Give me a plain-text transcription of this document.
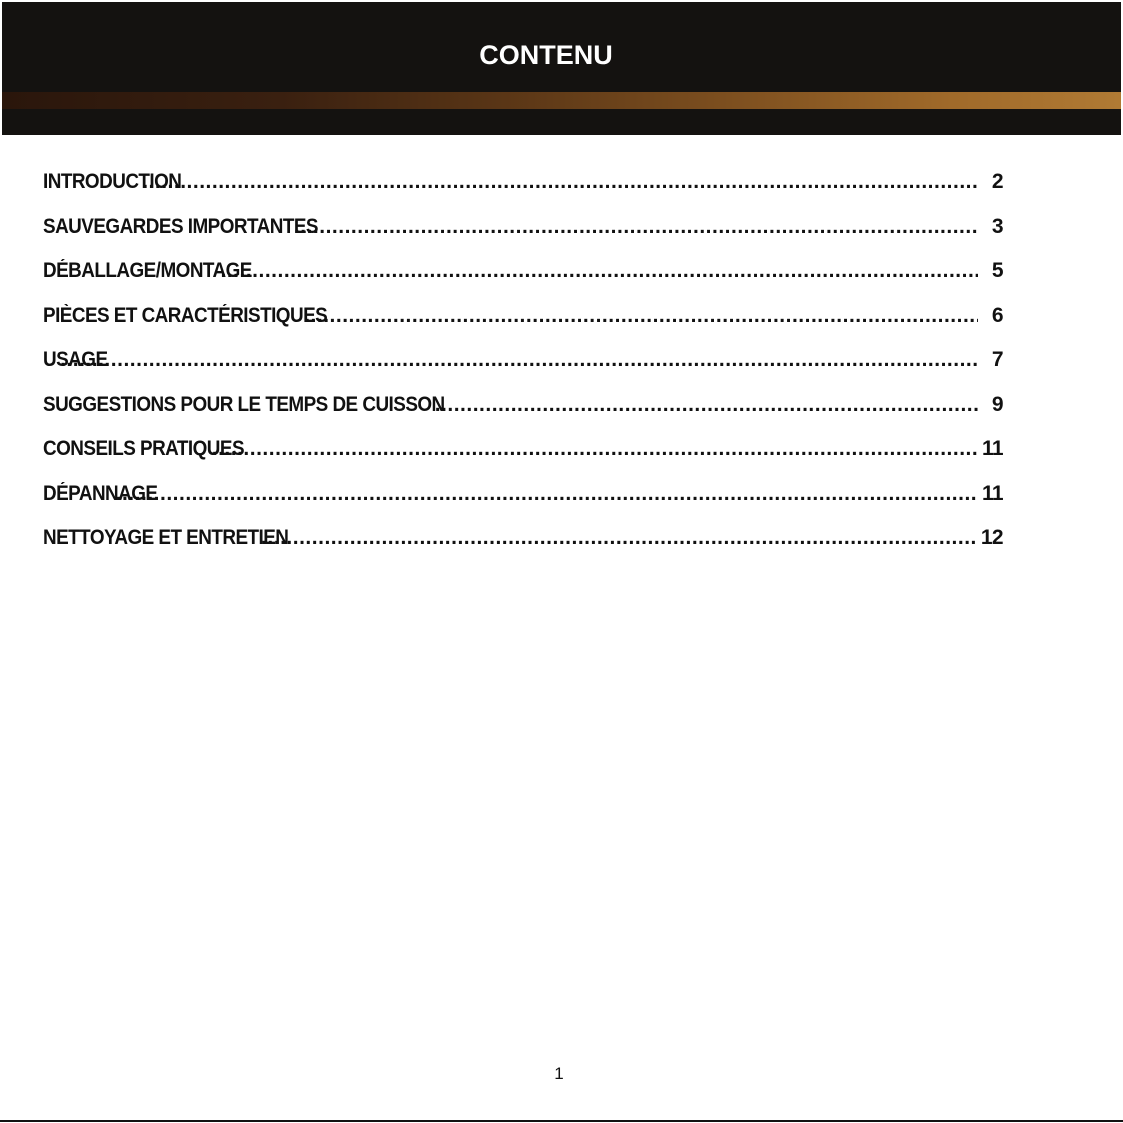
CONTENU
INTRODUCTION .....	2
SAUVEGARDES IMPORTANTES .....	3
DÉBALLAGE/MONTAGE .....	5
PIÈCES ET CARACTÉRISTIQUES .....	6
USAGE .....	7
SUGGESTIONS POUR LE TEMPS DE CUISSON .....	9
CONSEILS PRATIQUES .....	11
DÉPANNAGE .....	11
NETTOYAGE ET ENTRETIEN .....	12
1
